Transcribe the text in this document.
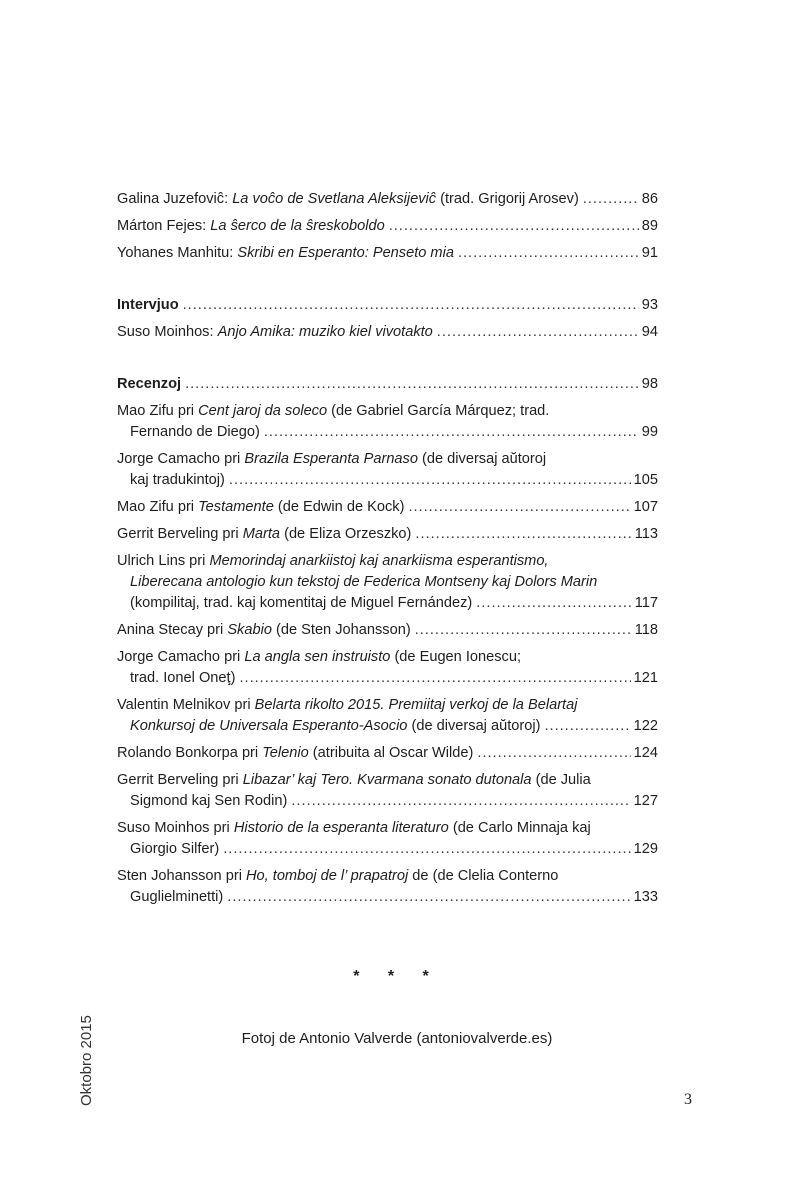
Galina Juzefoviĉ: La voĉo de Svetlana Aleksijeviĉ (trad. Grigorij Arosev) .....	86
Márton Fejes: La ŝerco de la ŝreskoboldo .....	89
Yohanes Manhitu: Skribi en Esperanto: Penseto mia .....	91
Intervjuo .....	93
Suso Moinhos: Anjo Amika: muziko kiel vivotakto .....	94
Recenzoj .....	98
Mao Zifu pri Cent jaroj da soleco (de Gabriel García Márquez; trad.
Fernando de Diego) .....	99
Jorge Camacho pri Brazila Esperanta Parnaso (de diversaj aŭtoroj
kaj tradukintoj) .....	105
Mao Zifu pri Testamente (de Edwin de Kock) .....	107
Gerrit Berveling pri Marta (de Eliza Orzeszko) .....	113
Ulrich Lins pri Memorindaj anarkiistoj kaj anarkiisma esperantismo,
Liberecana antologio kun tekstoj de Federica Montseny kaj Dolors Marin
(kompilitaj, trad. kaj komentitaj de Miguel Fernández) .....	117
Anina Stecay pri Skabio (de Sten Johansson) .....	118
Jorge Camacho pri La angla sen instruisto (de Eugen Ionescu;
trad. Ionel Oneţ) .....	121
Valentin Melnikov pri Belarta rikolto 2015. Premiitaj verkoj de la Belartaj
Konkursoj de Universala Esperanto-Asocio (de diversaj aŭtoroj) .....	122
Rolando Bonkorpa pri Telenio (atribuita al Oscar Wilde) .....	124
Gerrit Berveling pri Libazar’ kaj Tero. Kvarmana sonato dutonala (de Julia
Sigmond kaj Sen Rodin) .....	127
Suso Moinhos pri Historio de la esperanta literaturo (de Carlo Minnaja kaj
Giorgio Silfer) .....	129
Sten Johansson pri Ho, tomboj de l’ prapatroj de (de Clelia Conterno
Guglielminetti) .....	133
* * *
Fotoj de Antonio Valverde (antoniovalverde.es)
Oktobro 2015	3
